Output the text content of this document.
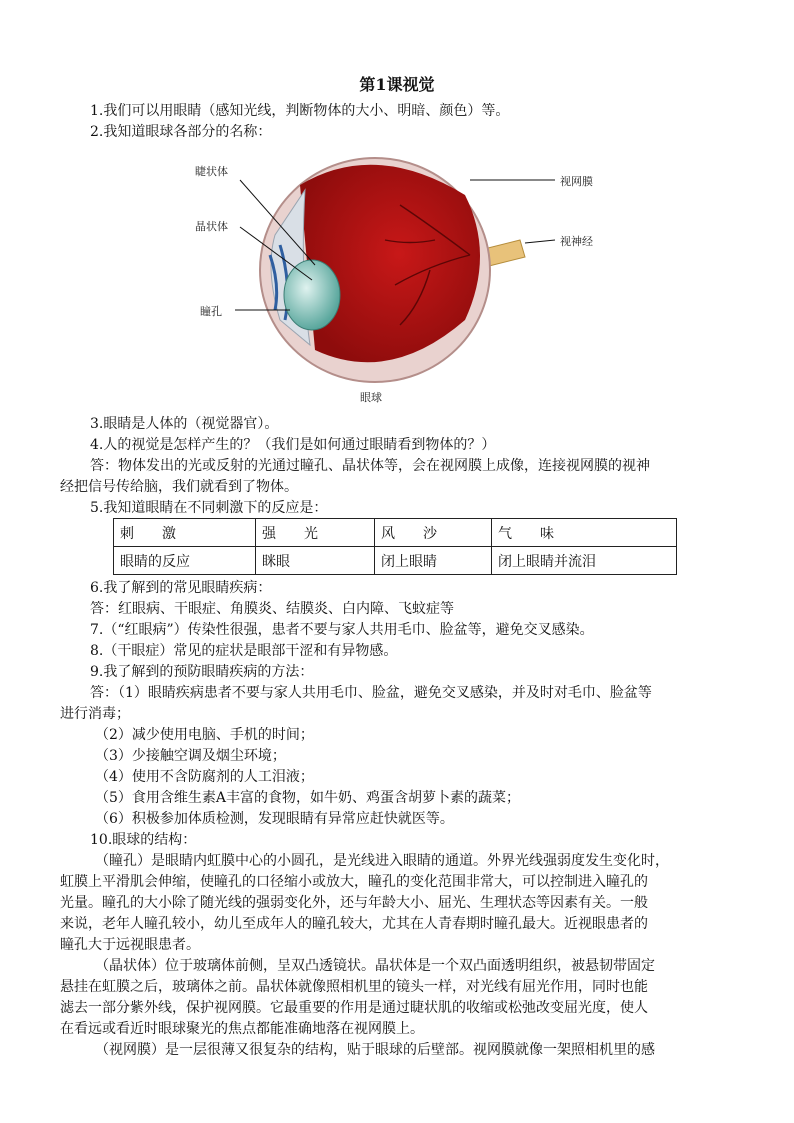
第1课视觉
1.我们可以用眼睛（感知光线，判断物体的大小、明暗、颜色）等。
2.我知道眼球各部分的名称：
睫状体
晶状体
瞳孔
视网膜
视神经
眼球
3.眼睛是人体的（视觉器官）。
4.人的视觉是怎样产生的？（我们是如何通过眼睛看到物体的？）
答：物体发出的光或反射的光通过瞳孔、晶状体等，会在视网膜上成像，连接视网膜的视神
经把信号传给脑，我们就看到了物体。
5.我知道眼睛在不同刺激下的反应是：
刺　　激	强　　光	风　　沙	气　　味
眼睛的反应	眯眼	闭上眼睛	闭上眼睛并流泪
6.我了解到的常见眼睛疾病：
答：红眼病、干眼症、角膜炎、结膜炎、白内障、飞蚊症等
7.（“红眼病”）传染性很强，患者不要与家人共用毛巾、脸盆等，避免交叉感染。
8.（干眼症）常见的症状是眼部干涩和有异物感。
9.我了解到的预防眼睛疾病的方法：
答：（1）眼睛疾病患者不要与家人共用毛巾、脸盆，避免交叉感染，并及时对毛巾、脸盆等
进行消毒；
（2）减少使用电脑、手机的时间；
（3）少接触空调及烟尘环境；
（4）使用不含防腐剂的人工泪液；
（5）食用含维生素A丰富的食物，如牛奶、鸡蛋含胡萝卜素的蔬菜；
（6）积极参加体质检测，发现眼睛有异常应赶快就医等。
10.眼球的结构：
（瞳孔）是眼睛内虹膜中心的小圆孔，是光线进入眼睛的通道。外界光线强弱度发生变化时，
虹膜上平滑肌会伸缩，使瞳孔的口径缩小或放大，瞳孔的变化范围非常大，可以控制进入瞳孔的
光量。瞳孔的大小除了随光线的强弱变化外，还与年龄大小、屈光、生理状态等因素有关。一般
来说，老年人瞳孔较小，幼儿至成年人的瞳孔较大，尤其在人青春期时瞳孔最大。近视眼患者的
瞳孔大于远视眼患者。
（晶状体）位于玻璃体前侧，呈双凸透镜状。晶状体是一个双凸面透明组织，被悬韧带固定
悬挂在虹膜之后，玻璃体之前。晶状体就像照相机里的镜头一样，对光线有屈光作用，同时也能
滤去一部分紫外线，保护视网膜。它最重要的作用是通过睫状肌的收缩或松弛改变屈光度，使人
在看远或看近时眼球聚光的焦点都能准确地落在视网膜上。
（视网膜）是一层很薄又很复杂的结构，贴于眼球的后壁部。视网膜就像一架照相机里的感
